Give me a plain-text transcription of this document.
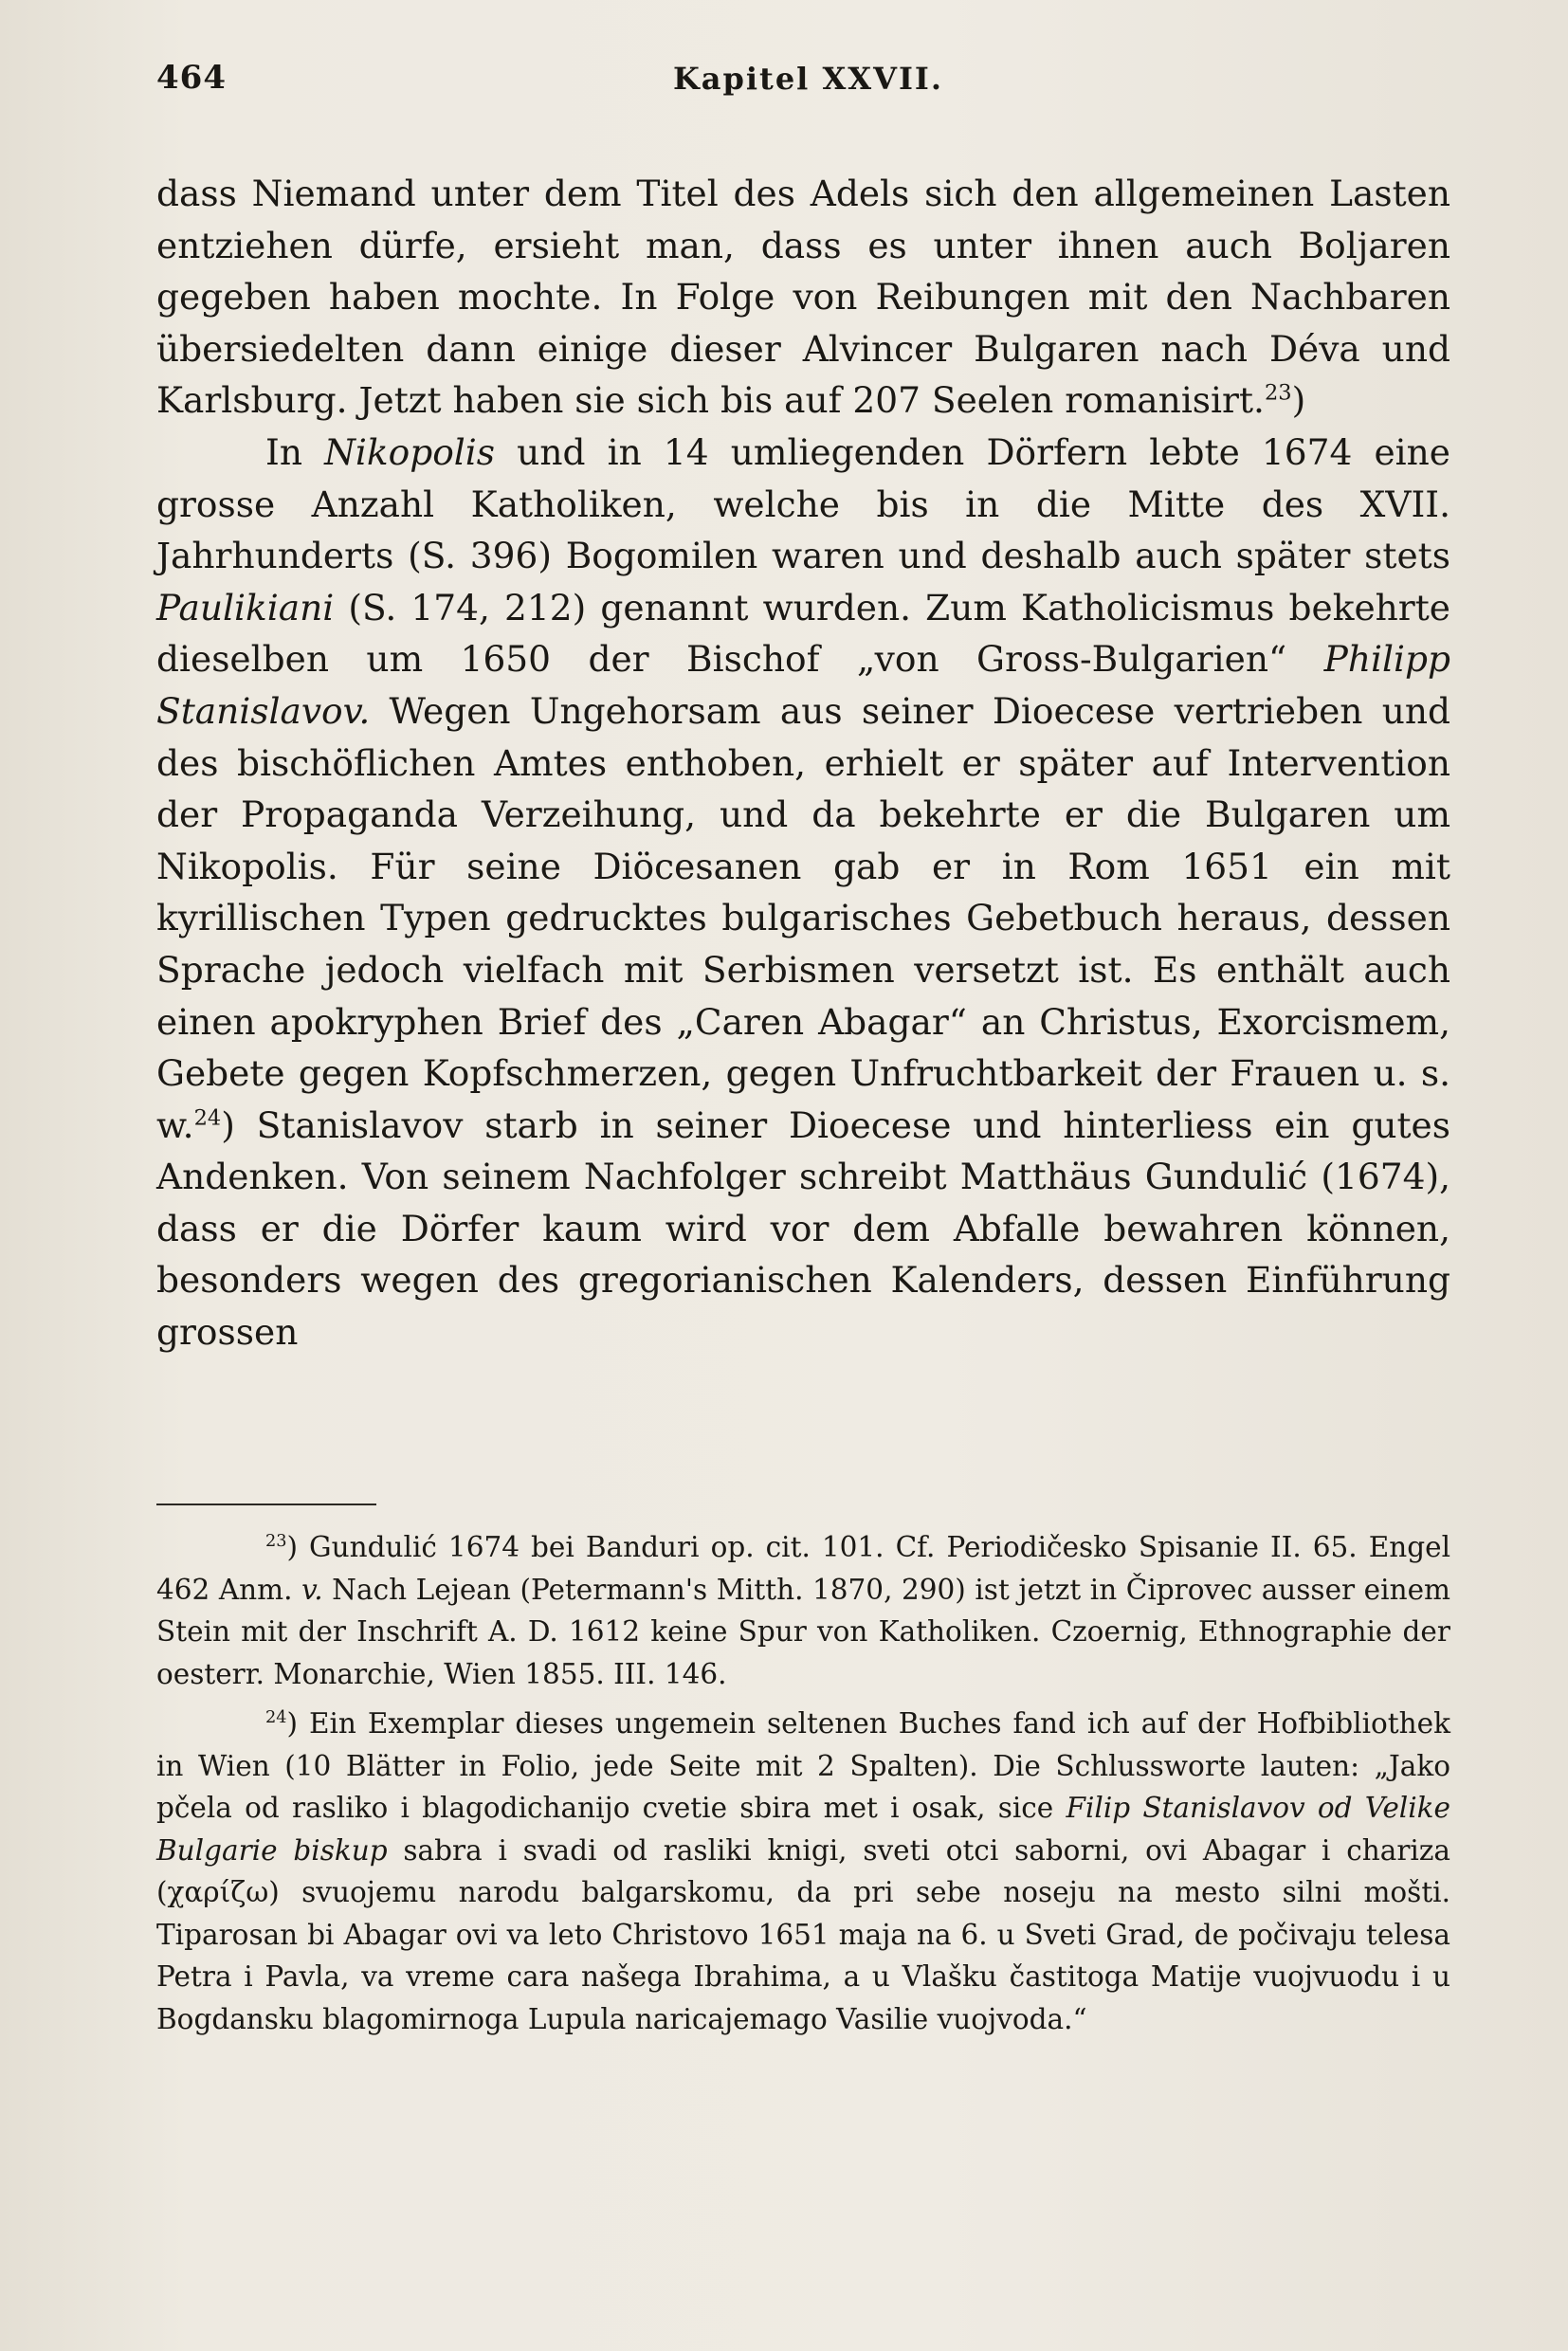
464	Kapitel XXVII.

dass Niemand unter dem Titel des Adels sich den allgemeinen Lasten entziehen dürfe, ersieht man, dass es unter ihnen auch Boljaren gegeben haben mochte. In Folge von Reibungen mit den Nachbaren übersiedelten dann einige dieser Alvincer Bulgaren nach Déva und Karlsburg. Jetzt haben sie sich bis auf 207 Seelen romanisirt.$^{23}$)

In Nikopolis und in 14 umliegenden Dörfern lebte 1674 eine grosse Anzahl Katholiken, welche bis in die Mitte des XVII. Jahrhunderts (S. 396) Bogomilen waren und deshalb auch später stets Paulikiani (S. 174, 212) genannt wurden. Zum Katholicismus bekehrte dieselben um 1650 der Bischof „von Gross-Bulgarien“ Philipp Stanislavov. Wegen Ungehorsam aus seiner Dioecese vertrieben und des bischöflichen Amtes enthoben, erhielt er später auf Intervention der Propaganda Verzeihung, und da bekehrte er die Bulgaren um Nikopolis. Für seine Diöcesanen gab er in Rom 1651 ein mit kyrillischen Typen gedrucktes bulgarisches Gebetbuch heraus, dessen Sprache jedoch vielfach mit Serbismen versetzt ist. Es enthält auch einen apokryphen Brief des „Caren Abagar“ an Christus, Exorcismem, Gebete gegen Kopfschmerzen, gegen Unfruchtbarkeit der Frauen u. s. w.$^{24}$) Stanislavov starb in seiner Dioecese und hinterliess ein gutes Andenken. Von seinem Nachfolger schreibt Matthäus Gundulić (1674), dass er die Dörfer kaum wird vor dem Abfalle bewahren können, besonders wegen des gregorianischen Kalenders, dessen Einführung grossen

$^{23}$) Gundulić 1674 bei Banduri op. cit. 101. Cf. Periodičesko Spisanie II. 65. Engel 462 Anm. v. Nach Lejean (Petermann's Mitth. 1870, 290) ist jetzt in Čiprovec ausser einem Stein mit der Inschrift A. D. 1612 keine Spur von Katholiken. Czoernig, Ethnographie der oesterr. Monarchie, Wien 1855. III. 146.

$^{24}$) Ein Exemplar dieses ungemein seltenen Buches fand ich auf der Hofbibliothek in Wien (10 Blätter in Folio, jede Seite mit 2 Spalten). Die Schlussworte lauten: „Jako pčela od rasliko i blagodichanijo cvetie sbira met i osak, sice Filip Stanislavov od Velike Bulgarie biskup sabra i svadi od rasliki knigi, sveti otci saborni, ovi Abagar i chariza (χαρίζω) svuojemu narodu balgarskomu, da pri sebe noseju na mesto silni mošti. Tiparosan bi Abagar ovi va leto Christovo 1651 maja na 6. u Sveti Grad, de počivaju telesa Petra i Pavla, va vreme cara našega Ibrahima, a u Vlašku častitoga Matije vuojvuodu i u Bogdansku blagomirnoga Lupula naricajemago Vasilie vuojvoda.“
